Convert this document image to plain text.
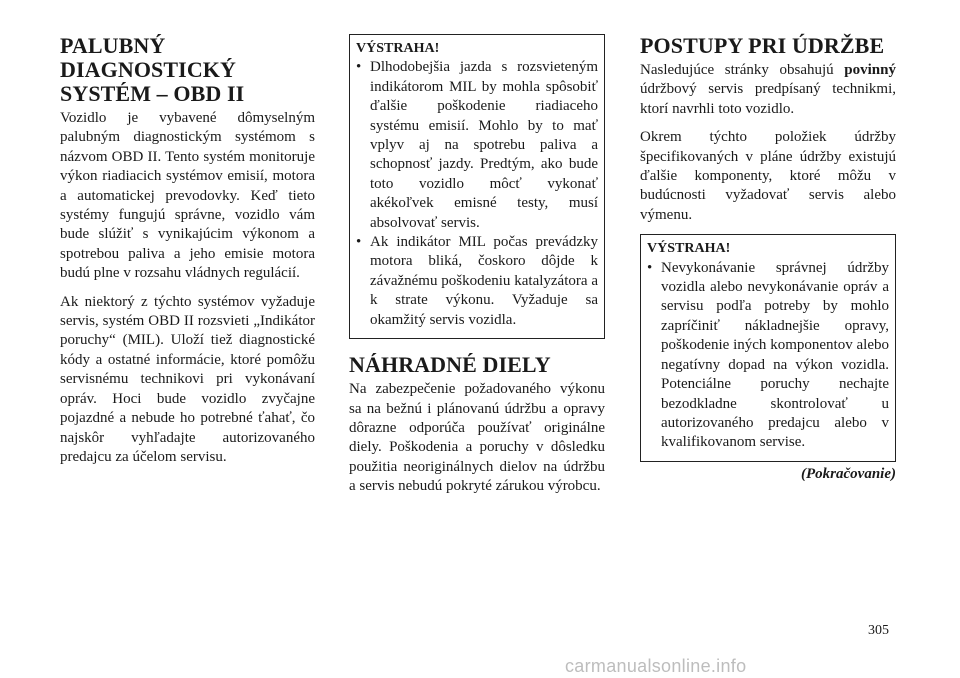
PALUBNÝ DIAGNOSTICKÝ SYSTÉM – OBD II

Vozidlo je vybavené dômyselným palubným diagnostickým systémom s názvom OBD II. Tento systém monitoruje výkon riadiacich systémov emisií, motora a automatickej prevodovky. Keď tieto systémy fungujú správne, vozidlo vám bude slúžiť s vynikajúcim výkonom a spotrebou paliva a jeho emisie motora budú plne v rozsahu vládnych regulácií.

Ak niektorý z týchto systémov vyžaduje servis, systém OBD II rozsvieti „Indikátor poruchy“ (MIL). Uloží tiež diagnostické kódy a ostatné informácie, ktoré pomôžu servisnému technikovi pri vykonávaní opráv. Hoci bude vozidlo zvyčajne pojazdné a nebude ho potrebné ťahať, čo najskôr vyhľadajte autorizovaného predajcu za účelom servisu.

VÝSTRAHA!
• Dlhodobejšia jazda s rozsvieteným indikátorom MIL by mohla spôsobiť ďalšie poškodenie riadiaceho systému emisií. Mohlo by to mať vplyv aj na spotrebu paliva a schopnosť jazdy. Predtým, ako bude toto vozidlo môcť vykonať akékoľvek emisné testy, musí absolvovať servis.
• Ak indikátor MIL počas prevádzky motora bliká, čoskoro dôjde k závažnému poškodeniu katalyzátora a k strate výkonu. Vyžaduje sa okamžitý servis vozidla.
NÁHRADNÉ DIELY

Na zabezpečenie požadovaného výkonu sa na bežnú i plánovanú údržbu a opravy dôrazne odporúča používať originálne diely. Poškodenia a poruchy v dôsledku použitia neoriginálnych dielov na údržbu a servis nebudú pokryté zárukou výrobcu.

POSTUPY PRI ÚDRŽBE

Nasledujúce stránky obsahujú povinný údržbový servis predpísaný technikmi, ktorí navrhli toto vozidlo.

Okrem týchto položiek údržby špecifikovaných v pláne údržby existujú ďalšie komponenty, ktoré môžu v budúcnosti vyžadovať servis alebo výmenu.

VÝSTRAHA!
• Nevykonávanie správnej údržby vozidla alebo nevykonávanie opráv a servisu podľa potreby by mohlo zapríčiniť nákladnejšie opravy, poškodenie iných komponentov alebo negatívny dopad na výkon vozidla. Potenciálne poruchy nechajte bezodkladne skontrolovať u autorizovaného predajcu alebo v kvalifikovanom servise.
(Pokračovanie)
305
carmanualsonline.info
